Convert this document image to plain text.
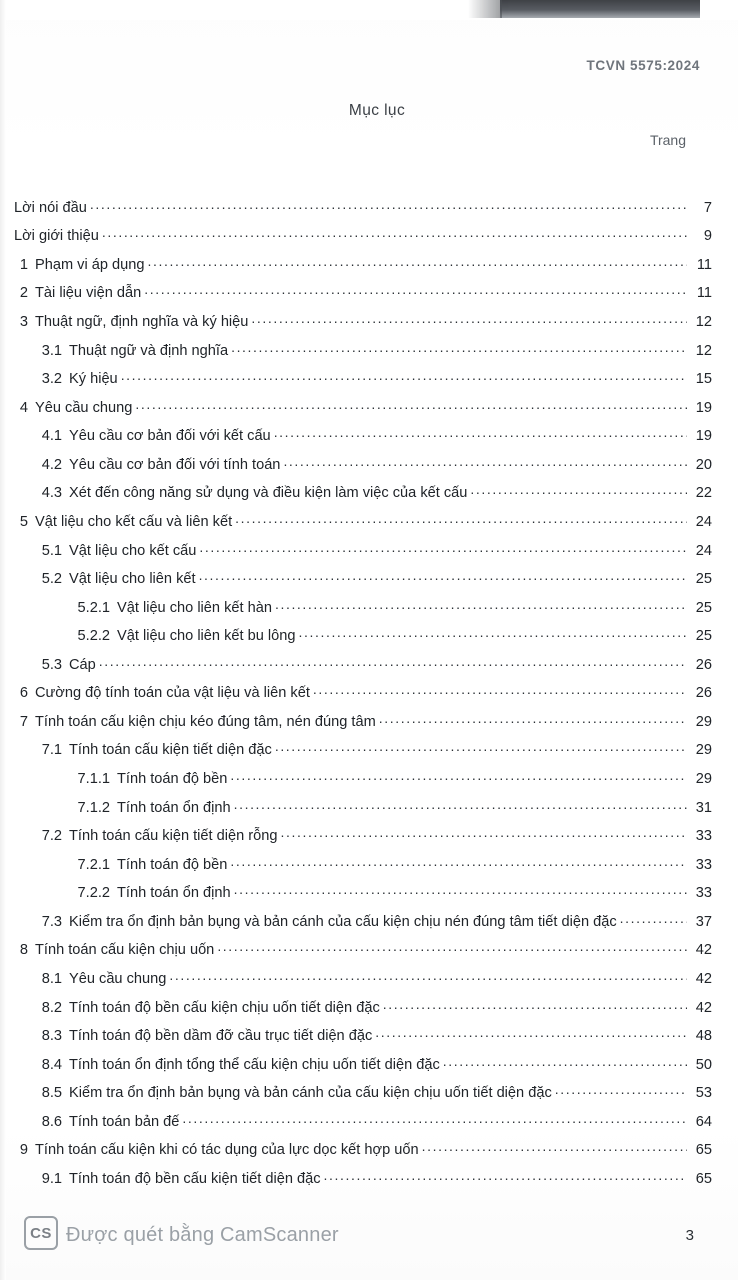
TCVN 5575:2024
Mục lục
Trang
Lời nói đầu .....	7
Lời giới thiệu .....	9
1 Phạm vi áp dụng .....	11
2 Tài liệu viện dẫn .....	11
3 Thuật ngữ, định nghĩa và ký hiệu .....	12
3.1 Thuật ngữ và định nghĩa .....	12
3.2 Ký hiệu .....	15
4 Yêu cầu chung .....	19
4.1 Yêu cầu cơ bản đối với kết cấu .....	19
4.2 Yêu cầu cơ bản đối với tính toán .....	20
4.3 Xét đến công năng sử dụng và điều kiện làm việc của kết cấu .....	22
5 Vật liệu cho kết cấu và liên kết .....	24
5.1 Vật liệu cho kết cấu .....	24
5.2 Vật liệu cho liên kết .....	25
5.2.1 Vật liệu cho liên kết hàn .....	25
5.2.2 Vật liệu cho liên kết bu lông .....	25
5.3 Cáp .....	26
6 Cường độ tính toán của vật liệu và liên kết .....	26
7 Tính toán cấu kiện chịu kéo đúng tâm, nén đúng tâm .....	29
7.1 Tính toán cấu kiện tiết diện đặc .....	29
7.1.1 Tính toán độ bền .....	29
7.1.2 Tính toán ổn định .....	31
7.2 Tính toán cấu kiện tiết diện rỗng .....	33
7.2.1 Tính toán độ bền .....	33
7.2.2 Tính toán ổn định .....	33
7.3 Kiểm tra ổn định bản bụng và bản cánh của cấu kiện chịu nén đúng tâm tiết diện đặc .....	37
8 Tính toán cấu kiện chịu uốn .....	42
8.1 Yêu cầu chung .....	42
8.2 Tính toán độ bền cấu kiện chịu uốn tiết diện đặc .....	42
8.3 Tính toán độ bền dầm đỡ cầu trục tiết diện đặc .....	48
8.4 Tính toán ổn định tổng thể cấu kiện chịu uốn tiết diện đặc .....	50
8.5 Kiểm tra ổn định bản bụng và bản cánh của cấu kiện chịu uốn tiết diện đặc .....	53
8.6 Tính toán bản đế .....	64
9 Tính toán cấu kiện khi có tác dụng của lực dọc kết hợp uốn .....	65
9.1 Tính toán độ bền cấu kiện tiết diện đặc .....	65
CS Được quét bằng CamScanner	3
